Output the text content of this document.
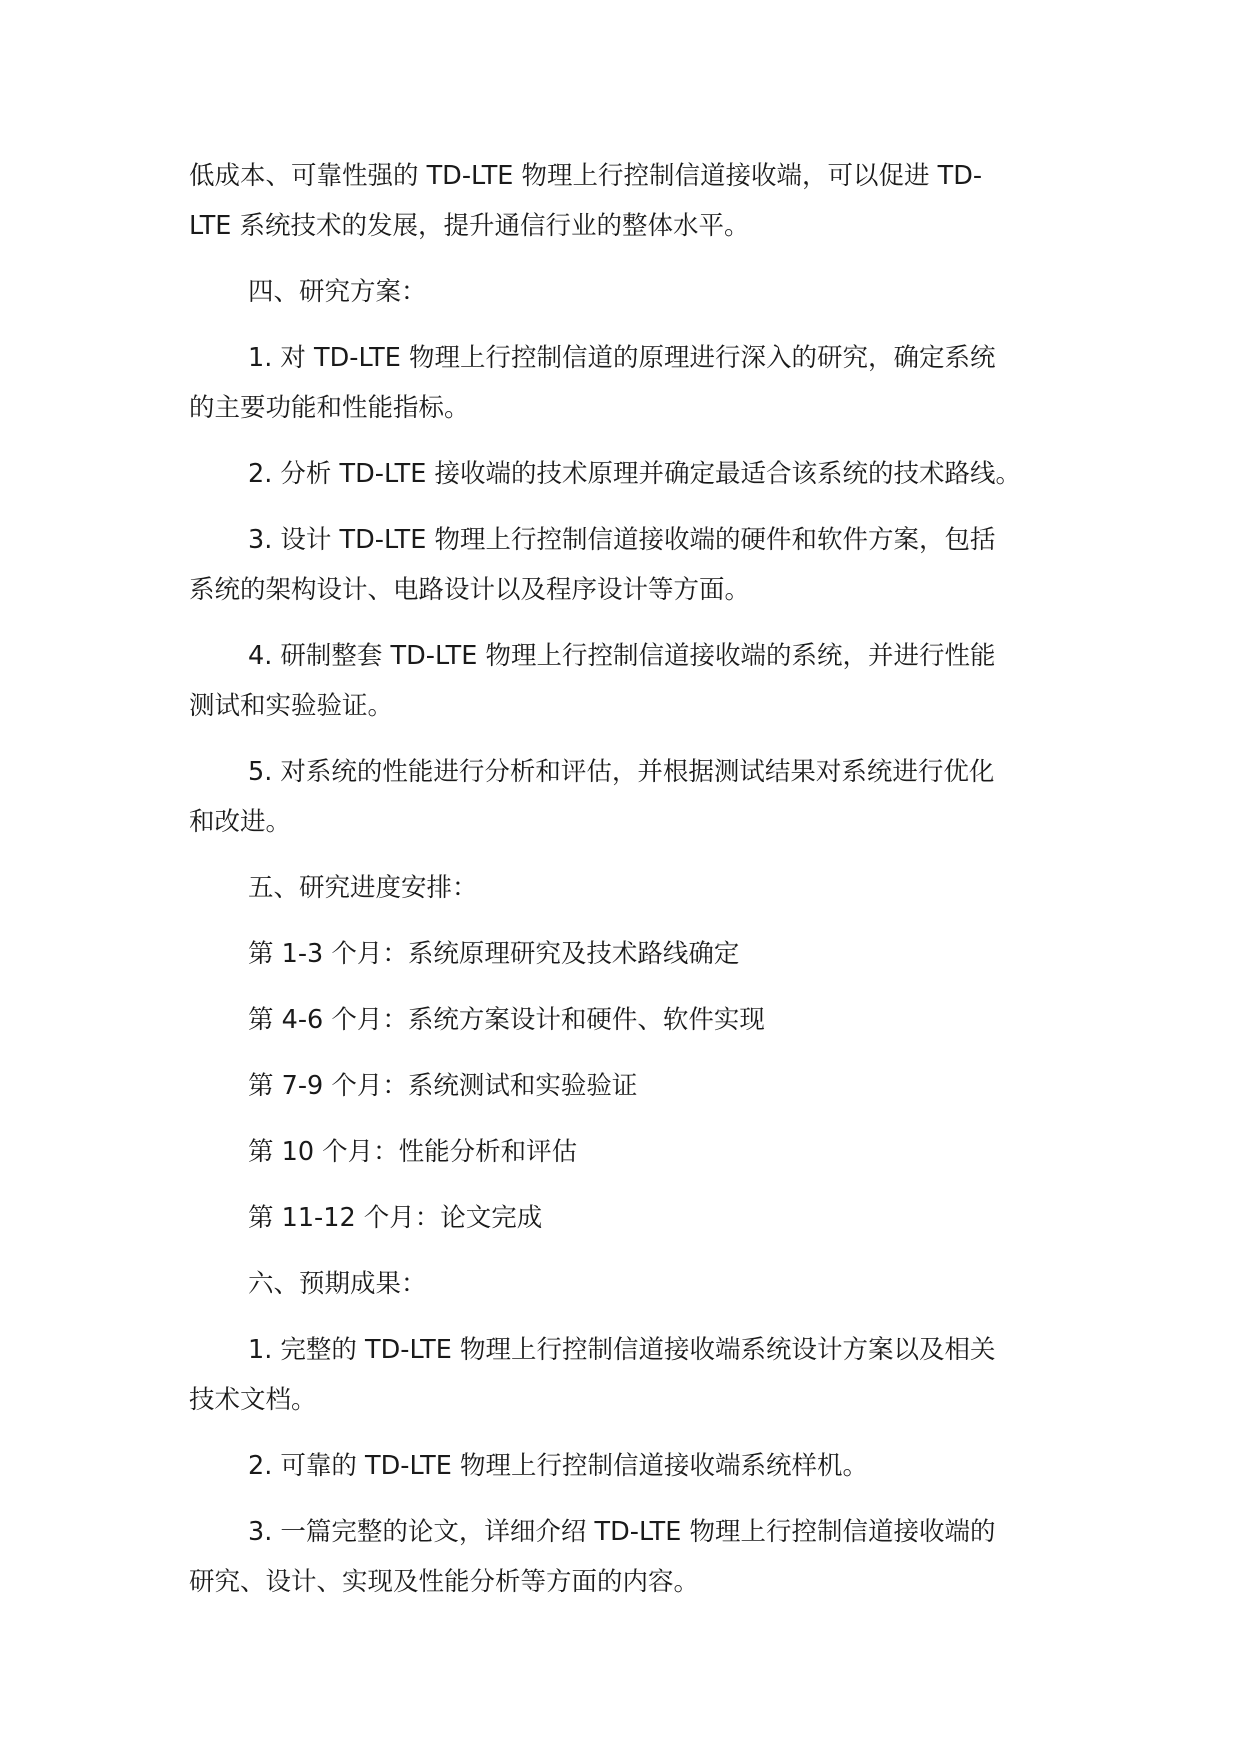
低成本、可靠性强的 TD-LTE 物理上行控制信道接收端，可以促进 TD-
LTE 系统技术的发展，提升通信行业的整体水平。
四、研究方案：
1. 对 TD-LTE 物理上行控制信道的原理进行深入的研究，确定系统
的主要功能和性能指标。
2. 分析 TD-LTE 接收端的技术原理并确定最适合该系统的技术路线。
3. 设计 TD-LTE 物理上行控制信道接收端的硬件和软件方案，包括
系统的架构设计、电路设计以及程序设计等方面。
4. 研制整套 TD-LTE 物理上行控制信道接收端的系统，并进行性能
测试和实验验证。
5. 对系统的性能进行分析和评估，并根据测试结果对系统进行优化
和改进。
五、研究进度安排：
第 1-3 个月：系统原理研究及技术路线确定
第 4-6 个月：系统方案设计和硬件、软件实现
第 7-9 个月：系统测试和实验验证
第 10 个月：性能分析和评估
第 11-12 个月：论文完成
六、预期成果：
1. 完整的 TD-LTE 物理上行控制信道接收端系统设计方案以及相关
技术文档。
2. 可靠的 TD-LTE 物理上行控制信道接收端系统样机。
3. 一篇完整的论文，详细介绍 TD-LTE 物理上行控制信道接收端的
研究、设计、实现及性能分析等方面的内容。
